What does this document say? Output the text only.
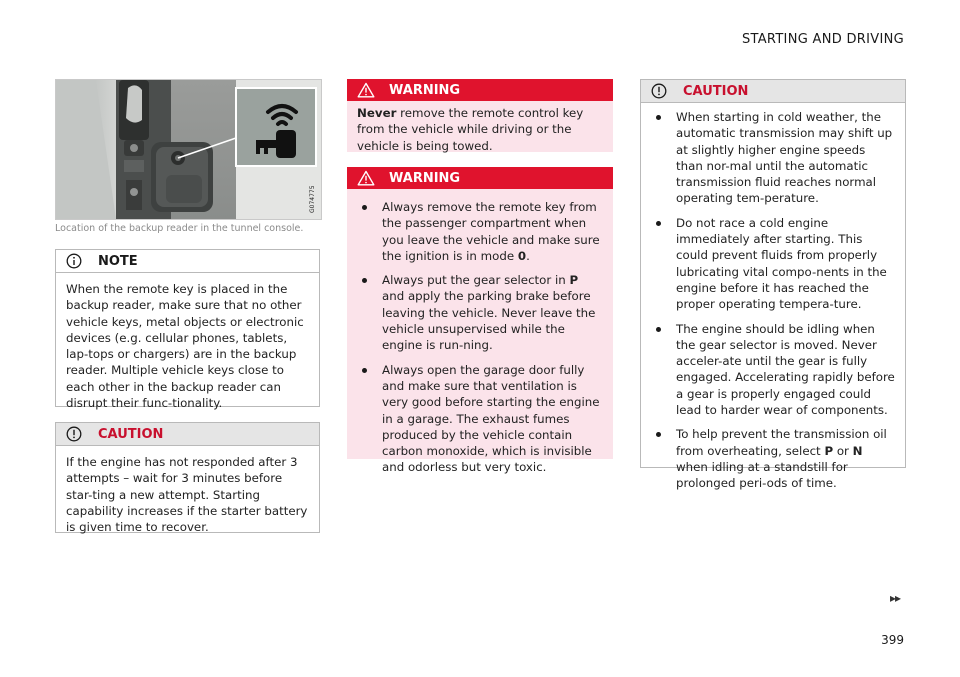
STARTING AND DRIVING
G074775
Location of the backup reader in the tunnel console.
NOTE
When the remote key is placed in the backup reader, make sure that no other vehicle keys, metal objects or electronic devices (e.g. cellular phones, tablets, lap-tops or chargers) are in the backup reader. Multiple vehicle keys close to each other in the backup reader can disrupt their func-tionality.
CAUTION
If the engine has not responded after 3 attempts – wait for 3 minutes before star-ting a new attempt. Starting capability increases if the starter battery is given time to recover.
WARNING
Never remove the remote control key from the vehicle while driving or the vehicle is being towed.
WARNING
Always remove the remote key from the passenger compartment when you leave the vehicle and make sure the ignition is in mode 0.
Always put the gear selector in P and apply the parking brake before leaving the vehicle. Never leave the vehicle unsupervised while the engine is run-ning.
Always open the garage door fully and make sure that ventilation is very good before starting the engine in a garage. The exhaust fumes produced by the vehicle contain carbon monoxide, which is invisible and odorless but very toxic.
CAUTION
When starting in cold weather, the automatic transmission may shift up at slightly higher engine speeds than nor-mal until the automatic transmission fluid reaches normal operating tem-perature.
Do not race a cold engine immediately after starting. This could prevent fluids from properly lubricating vital compo-nents in the engine before it has reached the proper operating tempera-ture.
The engine should be idling when the gear selector is moved. Never acceler-ate until the gear is fully engaged. Accelerating rapidly before a gear is properly engaged could lead to harder wear of components.
To help prevent the transmission oil from overheating, select P or N when idling at a standstill for prolonged peri-ods of time.
▸▸
399
